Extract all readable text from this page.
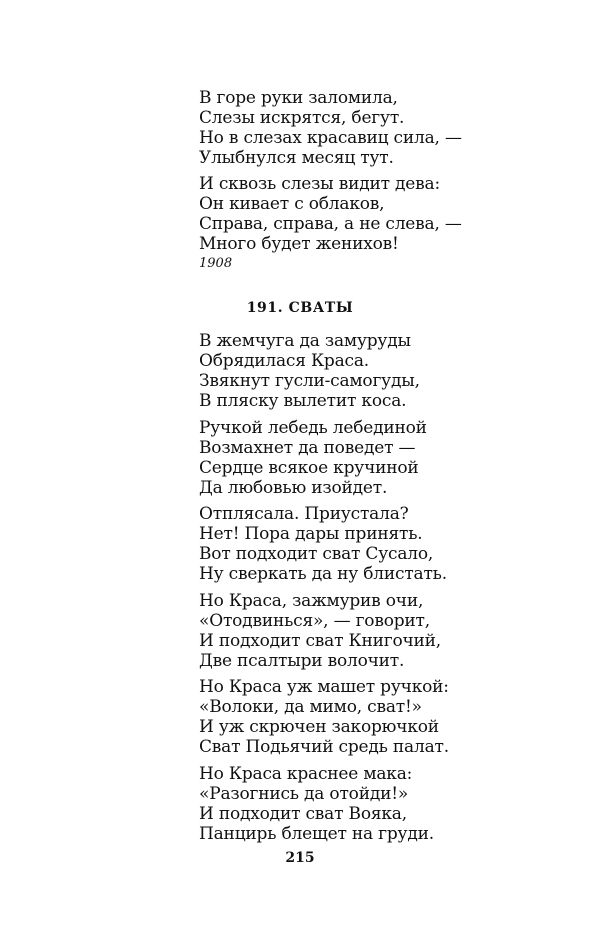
В горе руки заломила,
Слезы искрятся, бегут.
Но в слезах красавиц сила, —
Улыбнулся месяц тут.
И сквозь слезы видит дева:
Он кивает с облаков,
Справа, справа, а не слева, —
Много будет женихов!
1908
191. СВАТЫ
В жемчуга да замуруды
Обрядилася Краса.
Звякнут гусли-самогуды,
В пляску вылетит коса.
Ручкой лебедь лебединой
Возмахнет да поведет —
Сердце всякое кручиной
Да любовью изойдет.
Отплясала. Приустала?
Нет! Пора дары принять.
Вот подходит сват Сусало,
Ну сверкать да ну блистать.
Но Краса, зажмурив очи,
«Отодвинься», — говорит,
И подходит сват Книгочий,
Две псалтыри волочит.
Но Краса уж машет ручкой:
«Волоки, да мимо, сват!»
И уж скрючен закорючкой
Сват Подьячий средь палат.
Но Краса краснее мака:
«Разогнись да отойди!»
И подходит сват Вояка,
Панцирь блещет на груди.
215
